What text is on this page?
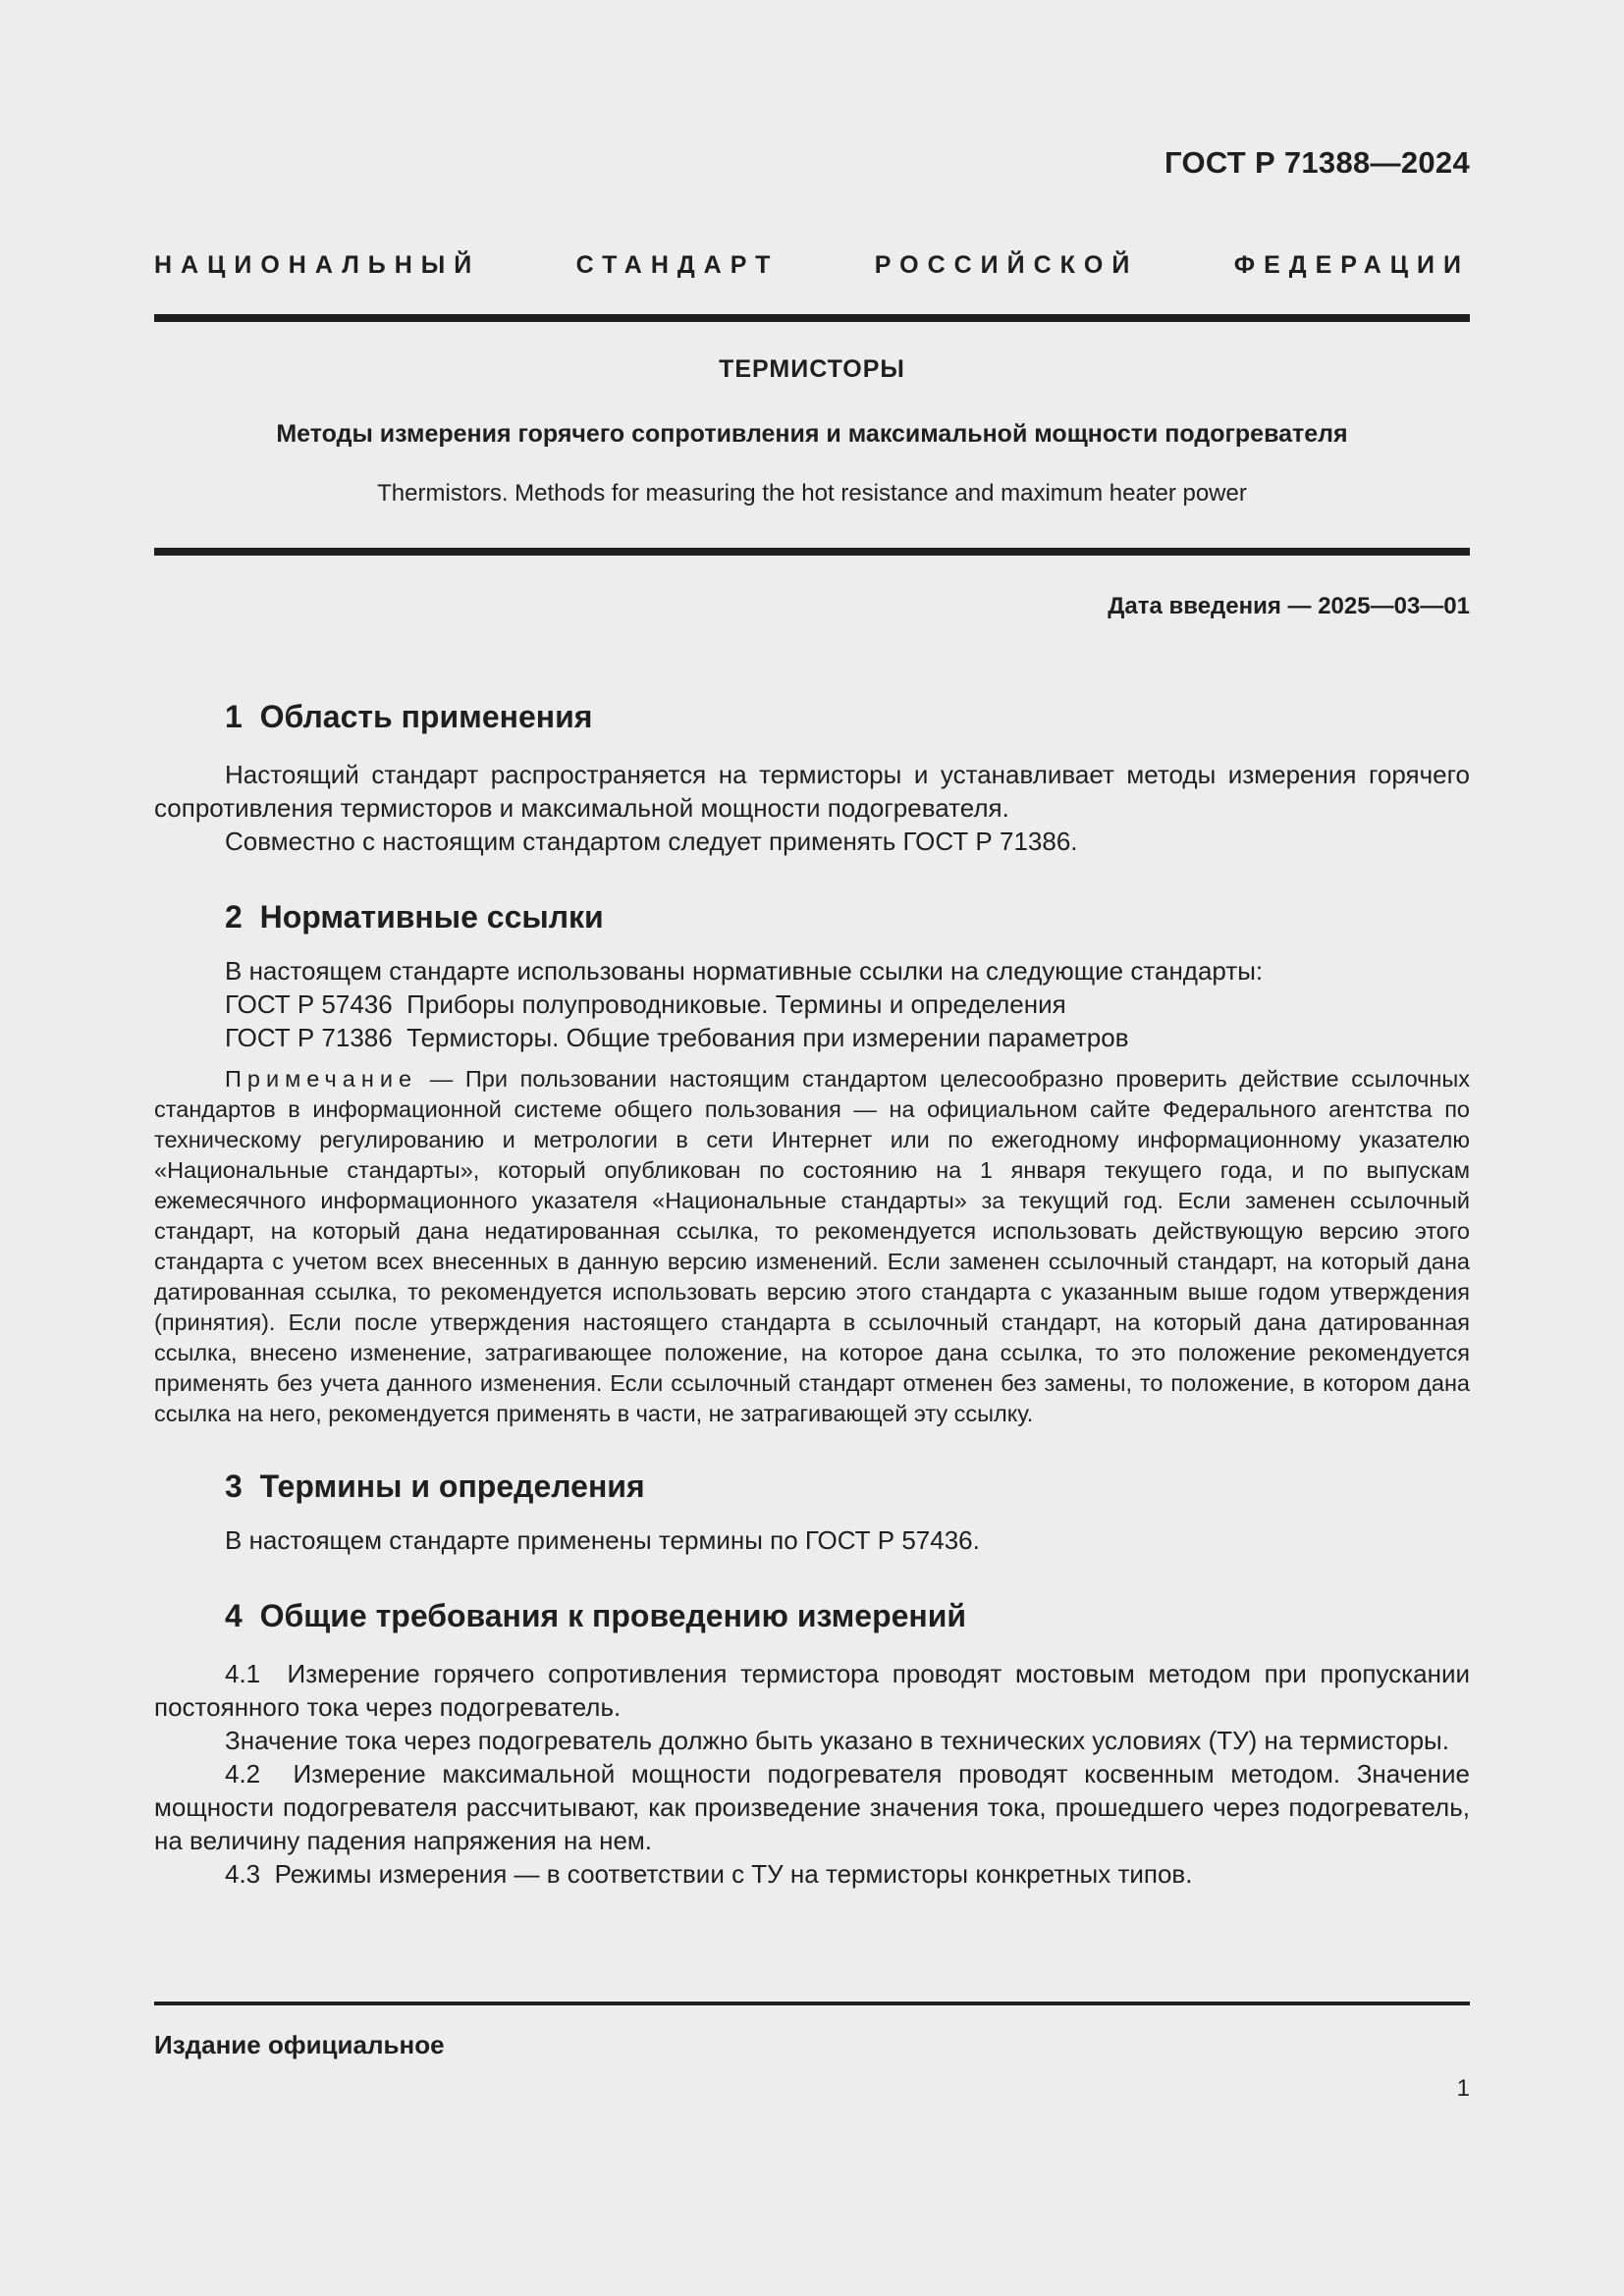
ГОСТ Р 71388—2024
НАЦИОНАЛЬНЫЙ СТАНДАРТ РОССИЙСКОЙ ФЕДЕРАЦИИ
ТЕРМИСТОРЫ
Методы измерения горячего сопротивления и максимальной мощности подогревателя
Thermistors. Methods for measuring the hot resistance and maximum heater power
Дата введения — 2025—03—01
1  Область применения

Настоящий стандарт распространяется на термисторы и устанавливает методы измерения горячего сопротивления термисторов и максимальной мощности подогревателя.

Совместно с настоящим стандартом следует применять ГОСТ Р 71386.

2  Нормативные ссылки

В настоящем стандарте использованы нормативные ссылки на следующие стандарты:

ГОСТ Р 57436  Приборы полупроводниковые. Термины и определения

ГОСТ Р 71386  Термисторы. Общие требования при измерении параметров

Примечание — При пользовании настоящим стандартом целесообразно проверить действие ссылочных стандартов в информационной системе общего пользования — на официальном сайте Федерального агентства по техническому регулированию и метрологии в сети Интернет или по ежегодному информационному указателю «Национальные стандарты», который опубликован по состоянию на 1 января текущего года, и по выпускам ежемесячного информационного указателя «Национальные стандарты» за текущий год. Если заменен ссылочный стандарт, на который дана недатированная ссылка, то рекомендуется использовать действующую версию этого стандарта с учетом всех внесенных в данную версию изменений. Если заменен ссылочный стандарт, на который дана датированная ссылка, то рекомендуется использовать версию этого стандарта с указанным выше годом утверждения (принятия). Если после утверждения настоящего стандарта в ссылочный стандарт, на который дана датированная ссылка, внесено изменение, затрагивающее положение, на которое дана ссылка, то это положение рекомендуется применять без учета данного изменения. Если ссылочный стандарт отменен без замены, то положение, в котором дана ссылка на него, рекомендуется применять в части, не затрагивающей эту ссылку.

3  Термины и определения

В настоящем стандарте применены термины по ГОСТ Р 57436.

4  Общие требования к проведению измерений

4.1  Измерение горячего сопротивления термистора проводят мостовым методом при пропускании постоянного тока через подогреватель.

Значение тока через подогреватель должно быть указано в технических условиях (ТУ) на термисторы.

4.2  Измерение максимальной мощности подогревателя проводят косвенным методом. Значение мощности подогревателя рассчитывают, как произведение значения тока, прошедшего через подогреватель, на величину падения напряжения на нем.

4.3  Режимы измерения — в соответствии с ТУ на термисторы конкретных типов.

Издание официальное
1
